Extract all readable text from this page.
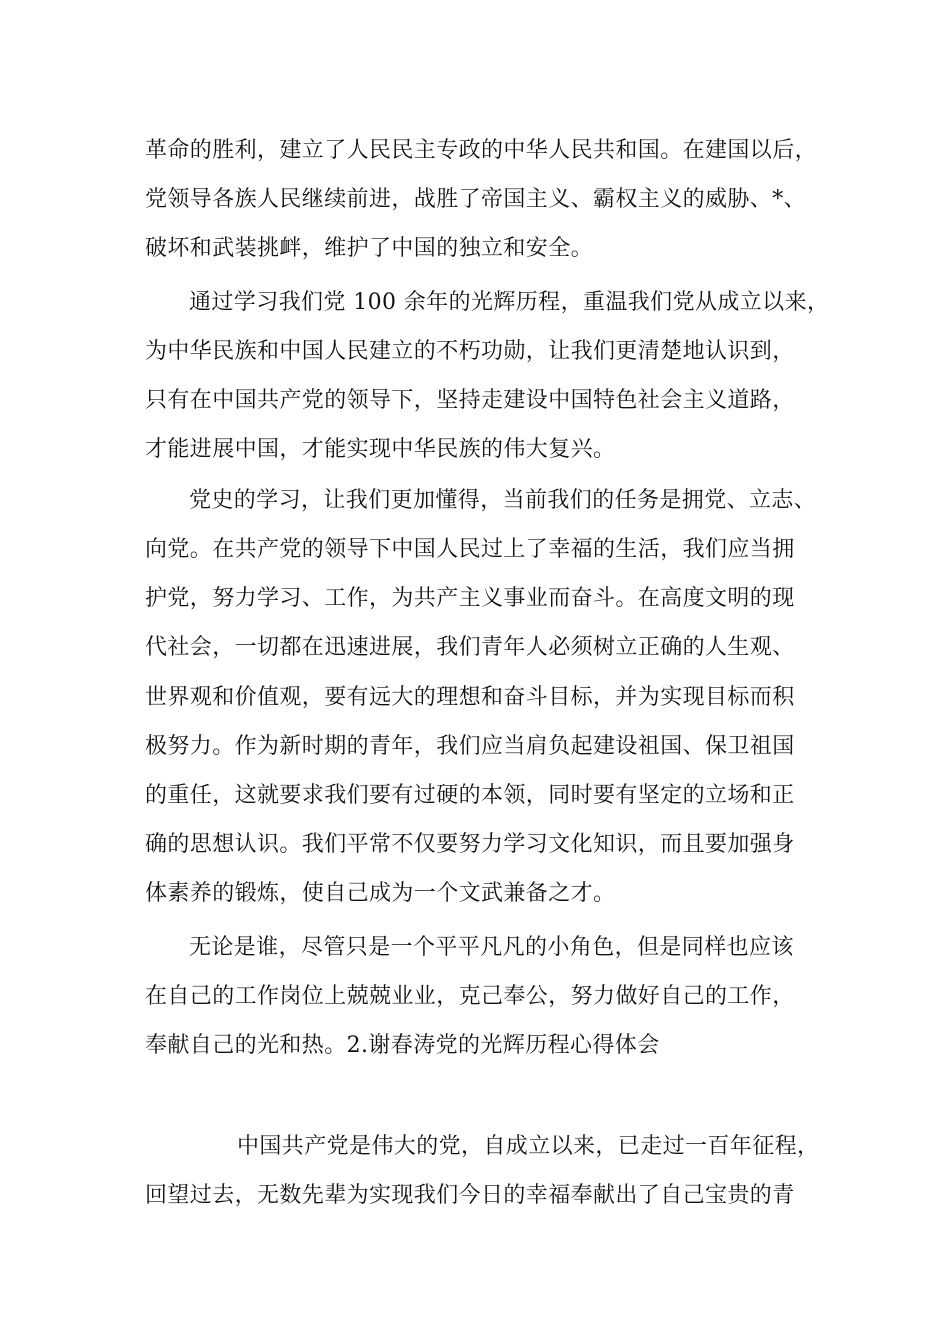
革命的胜利，建立了人民民主专政的中华人民共和国。在建国以后，

党领导各族人民继续前进，战胜了帝国主义、霸权主义的威胁、*、

破坏和武装挑衅，维护了中国的独立和安全。

通过学习我们党 100 余年的光辉历程，重温我们党从成立以来，

为中华民族和中国人民建立的不朽功勋，让我们更清楚地认识到，

只有在中国共产党的领导下，坚持走建设中国特色社会主义道路，

才能进展中国，才能实现中华民族的伟大复兴。

党史的学习，让我们更加懂得，当前我们的任务是拥党、立志、

向党。在共产党的领导下中国人民过上了幸福的生活，我们应当拥

护党，努力学习、工作，为共产主义事业而奋斗。在高度文明的现

代社会，一切都在迅速进展，我们青年人必须树立正确的人生观、

世界观和价值观，要有远大的理想和奋斗目标，并为实现目标而积

极努力。作为新时期的青年，我们应当肩负起建设祖国、保卫祖国

的重任，这就要求我们要有过硬的本领，同时要有坚定的立场和正

确的思想认识。我们平常不仅要努力学习文化知识，而且要加强身

体素养的锻炼，使自己成为一个文武兼备之才。

无论是谁，尽管只是一个平平凡凡的小角色，但是同样也应该

在自己的工作岗位上兢兢业业，克己奉公，努力做好自己的工作，

奉献自己的光和热。2.谢春涛党的光辉历程心得体会

中国共产党是伟大的党，自成立以来，已走过一百年征程，

回望过去，无数先辈为实现我们今日的幸福奉献出了自己宝贵的青
